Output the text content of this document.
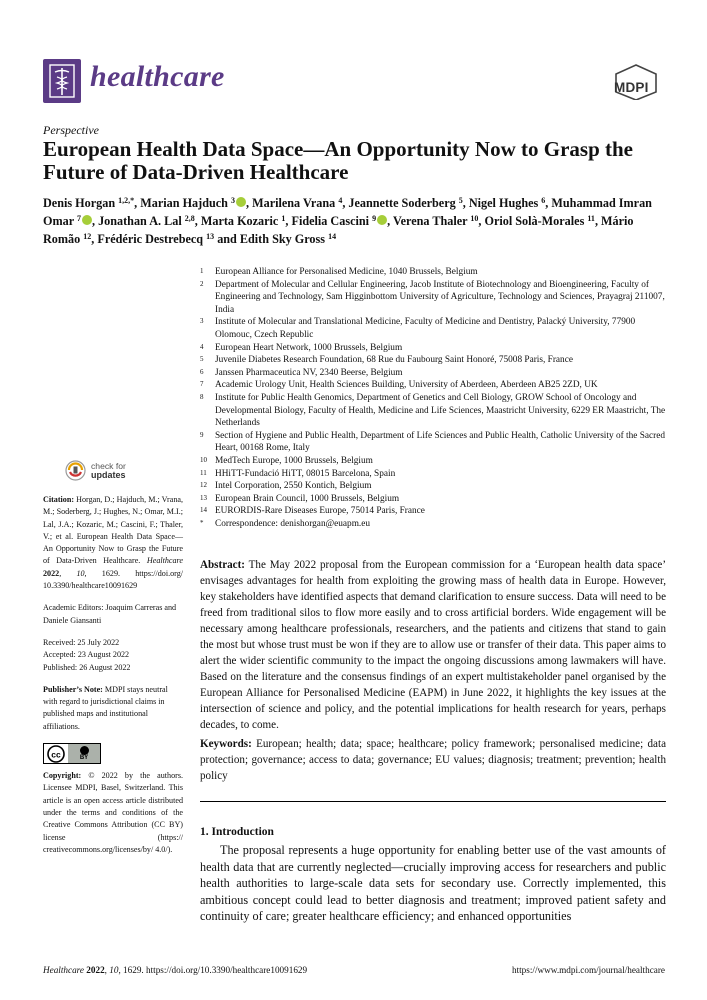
healthcare	MDPI
Perspective
European Health Data Space—An Opportunity Now to Grasp the Future of Data-Driven Healthcare
Denis Horgan $^{1,2,*}$, Marian Hajduch $^3$ , Marilena Vrana $^4$, Jeannette Soderberg $^5$, Nigel Hughes $^6$, Muhammad Imran Omar $^7$ , Jonathan A. Lal $^{2,8}$, Marta Kozaric $^1$, Fidelia Cascini $^9$ , Verena Thaler $^{10}$, Oriol Solà-Morales $^{11}$, Mário Romão $^{12}$, Frédéric Destrebecq $^{13}$ and Edith Sky Gross $^{14}$
1 European Alliance for Personalised Medicine, 1040 Brussels, Belgium
2 Department of Molecular and Cellular Engineering, Jacob Institute of Biotechnology and Bioengineering, Faculty of Engineering and Technology, Sam Higginbottom University of Agriculture, Technology and Sciences, Prayagraj 211007, India
3 Institute of Molecular and Translational Medicine, Faculty of Medicine and Dentistry, Palacký University, 77900 Olomouc, Czech Republic
4 European Heart Network, 1000 Brussels, Belgium
5 Juvenile Diabetes Research Foundation, 68 Rue du Faubourg Saint Honoré, 75008 Paris, France
6 Janssen Pharmaceutica NV, 2340 Beerse, Belgium
7 Academic Urology Unit, Health Sciences Building, University of Aberdeen, Aberdeen AB25 2ZD, UK
8 Institute for Public Health Genomics, Department of Genetics and Cell Biology, GROW School of Oncology and Developmental Biology, Faculty of Health, Medicine and Life Sciences, Maastricht University, 6229 ER Maastricht, The Netherlands
9 Section of Hygiene and Public Health, Department of Life Sciences and Public Health, Catholic University of the Sacred Heart, 00168 Rome, Italy
10 MedTech Europe, 1000 Brussels, Belgium
11 HHiTT-Fundació HiTT, 08015 Barcelona, Spain
12 Intel Corporation, 2550 Kontich, Belgium
13 European Brain Council, 1000 Brussels, Belgium
14 EURORDIS-Rare Diseases Europe, 75014 Paris, France
* Correspondence: denishorgan@euapm.eu
check for
updates
Citation: Horgan, D.; Hajduch, M.; Vrana, M.; Soderberg, J.; Hughes, N.; Omar, M.I.; Lal, J.A.; Kozaric, M.; Cascini, F.; Thaler, V.; et al. European Health Data Space—An Opportunity Now to Grasp the Future of Data-Driven Healthcare. Healthcare 2022, 10, 1629. https://doi.org/ 10.3390/healthcare10091629
Academic Editors: Joaquim Carreras and Daniele Giansanti
Received: 25 July 2022
Accepted: 23 August 2022
Published: 26 August 2022
Publisher’s Note: MDPI stays neutral with regard to jurisdictional claims in published maps and institutional affiliations.
cc	BY
Copyright: © 2022 by the authors. Licensee MDPI, Basel, Switzerland. This article is an open access article distributed under the terms and conditions of the Creative Commons Attribution (CC BY) license (https:// creativecommons.org/licenses/by/ 4.0/).
Abstract: The May 2022 proposal from the European commission for a ‘European health data space’ envisages advantages for health from exploiting the growing mass of health data in Europe. However, key stakeholders have identified aspects that demand clarification to ensure success. Data will need to be freed from traditional silos to flow more easily and to cross artificial borders. Wide engagement will be necessary among healthcare professionals, researchers, and the patients and citizens that stand to gain the most but whose trust must be won if they are to allow use or transfer of their data. This paper aims to alert the wider scientific community to the impact the ongoing discussions among lawmakers will have. Based on the literature and the consensus findings of an expert multistakeholder panel organised by the European Alliance for Personalised Medicine (EAPM) in June 2022, it highlights the key issues at the intersection of science and policy, and the potential implications for health research for years, perhaps decades, to come.
Keywords: European; health; data; space; healthcare; policy framework; personalised medicine; data protection; governance; access to data; governance; EU values; diagnosis; treatment; prevention; health policy
1. Introduction
The proposal represents a huge opportunity for enabling better use of the vast amounts of health data that are currently neglected—crucially improving access for researchers and public health authorities to large-scale data sets for secondary use. Correctly implemented, this ambitious concept could lead to better diagnosis and treatment; improved patient safety and continuity of care; greater healthcare efficiency; and enhanced opportunities
Healthcare 2022, 10, 1629. https://doi.org/10.3390/healthcare10091629	https://www.mdpi.com/journal/healthcare
